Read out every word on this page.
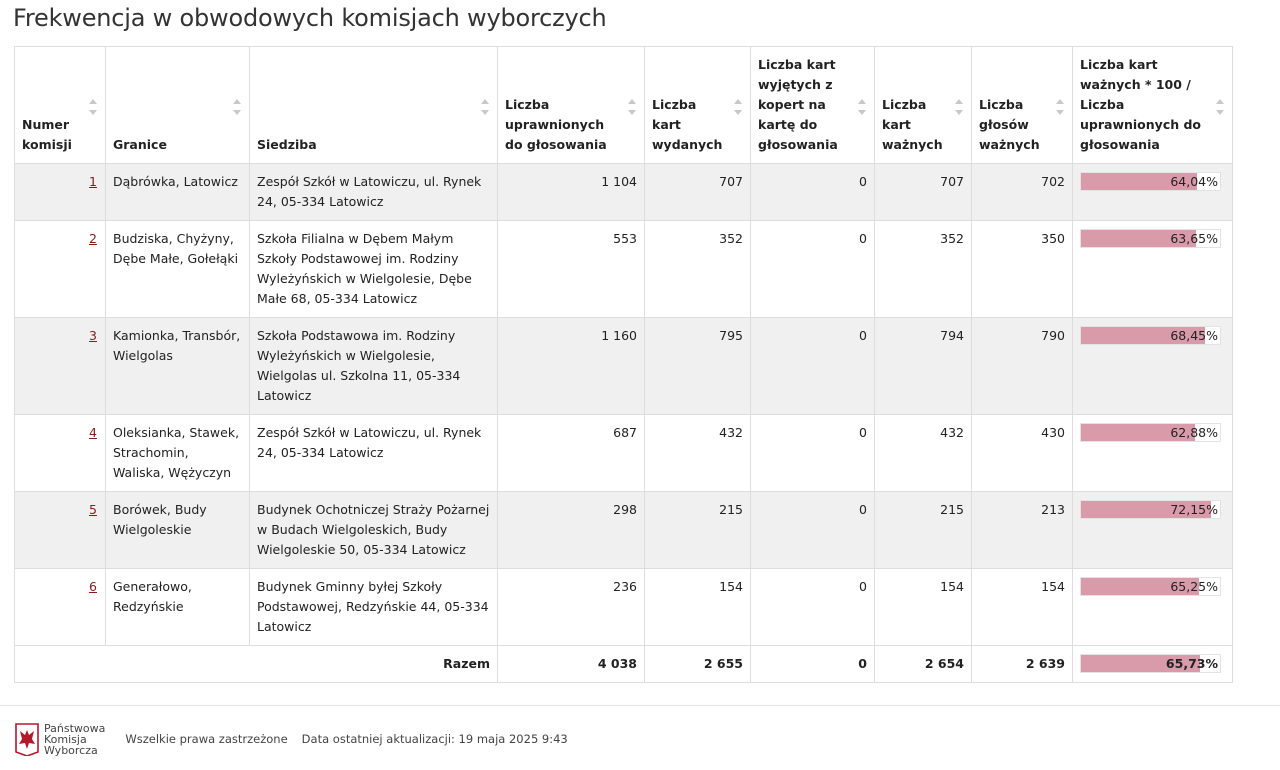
Frekwencja w obwodowych komisjach wyborczych
Numer komisji	Granice	Siedziba	Liczba uprawnionych do głosowania	Liczba kart wydanych	Liczba kart wyjętych z kopert na kartę do głosowania	Liczba kart ważnych	Liczba głosów ważnych	Liczba kart ważnych * 100 / Liczba uprawnionych do głosowania

1	Dąbrówka, Latowicz	Zespół Szkół w Latowiczu, ul. Rynek 24, 05-334 Latowicz	1 104	707	0	707	702	64,04%

2	Budziska, Chyżyny, Dębe Małe, Gołełąki	Szkoła Filialna w Dębem Małym Szkoły Podstawowej im. Rodziny Wyleżyńskich w Wielgolesie, Dębe Małe 68, 05-334 Latowicz	553	352	0	352	350	63,65%

3	Kamionka, Transbór, Wielgolas	Szkoła Podstawowa im. Rodziny Wyleżyńskich w Wielgolesie, Wielgolas ul. Szkolna 11, 05-334 Latowicz	1 160	795	0	794	790	68,45%

4	Oleksianka, Stawek, Strachomin, Waliska, Wężyczyn	Zespół Szkół w Latowiczu, ul. Rynek 24, 05-334 Latowicz	687	432	0	432	430	62,88%

5	Borówek, Budy Wielgoleskie	Budynek Ochotniczej Straży Pożarnej w Budach Wielgoleskich, Budy Wielgoleskie 50, 05-334 Latowicz	298	215	0	215	213	72,15%

6	Generałowo, Redzyńskie	Budynek Gminny byłej Szkoły Podstawowej, Redzyńskie 44, 05-334 Latowicz	236	154	0	154	154	65,25%

Razem			4 038	2 655	0	2 654	2 639	65,73%
Państwowa
Komisja
Wyborcza
Wszelkie prawa zastrzeżone Data ostatniej aktualizacji: 19 maja 2025 9:43
